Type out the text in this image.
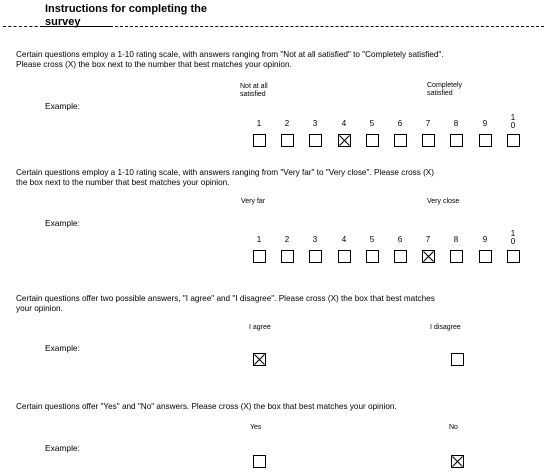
Instructions for completing the
survey
Certain questions employ a 1-10 rating scale, with answers ranging from "Not at all satisfied" to "Completely satisfied".
Please cross (X) the box next to the number that best matches your opinion.
Not at all
satisfied
Completely
satisfied
Example:
1	2	3	4	5	6	7	8	9
1
0
Certain questions employ a 1-10 rating scale, with answers ranging from "Very far" to "Very close". Please cross (X)
the box next to the number that best matches your opinion.
Very far	Very close
Example:
1	2	3	4	5	6	7	8	9
1
0
Certain questions offer two possible answers, "I agree" and "I disagree". Please cross (X) the box that best matches
your opinion.
I agree	I disagree
Example:
Certain questions offer "Yes" and "No" answers. Please cross (X) the box that best matches your opinion.
Yes	No
Example:
